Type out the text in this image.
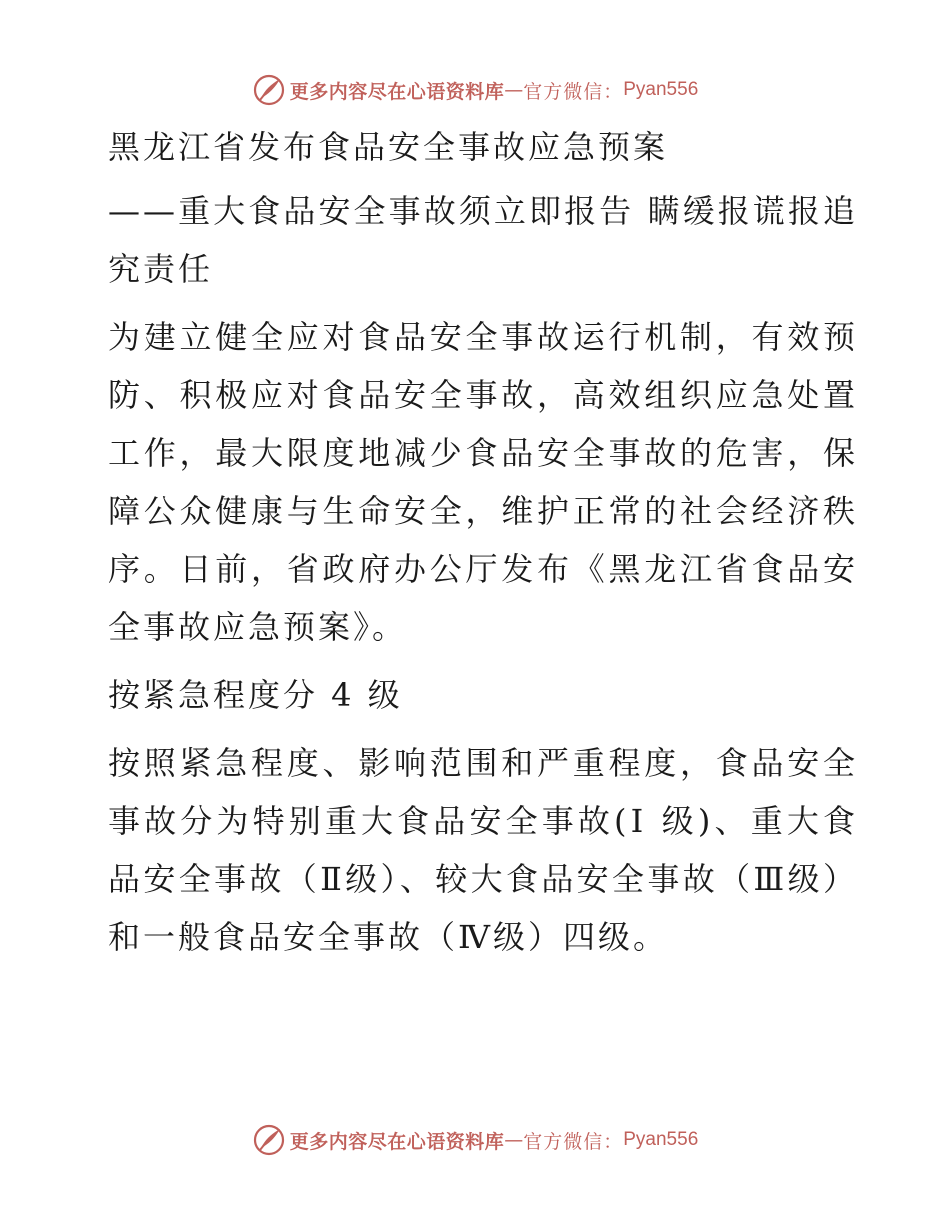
更多内容尽在心语资料库 — 官方微信： Pyan556

黑龙江省发布食品安全事故应急预案

——重大食品安全事故须立即报告 瞒缓报谎报追究责任

为建立健全应对食品安全事故运行机制，有效预防、积极应对食品安全事故，高效组织应急处置工作，最大限度地减少食品安全事故的危害，保障公众健康与生命安全，维护正常的社会经济秩序。日前，省政府办公厅发布《黑龙江省食品安全事故应急预案》。

按紧急程度分 4 级

按照紧急程度、影响范围和严重程度，食品安全事故分为特别重大食品安全事故(Ⅰ 级)、重大食品安全事故（Ⅱ级）、较大食品安全事故（Ⅲ级）和一般食品安全事故（Ⅳ级）四级。

更多内容尽在心语资料库 — 官方微信： Pyan556
